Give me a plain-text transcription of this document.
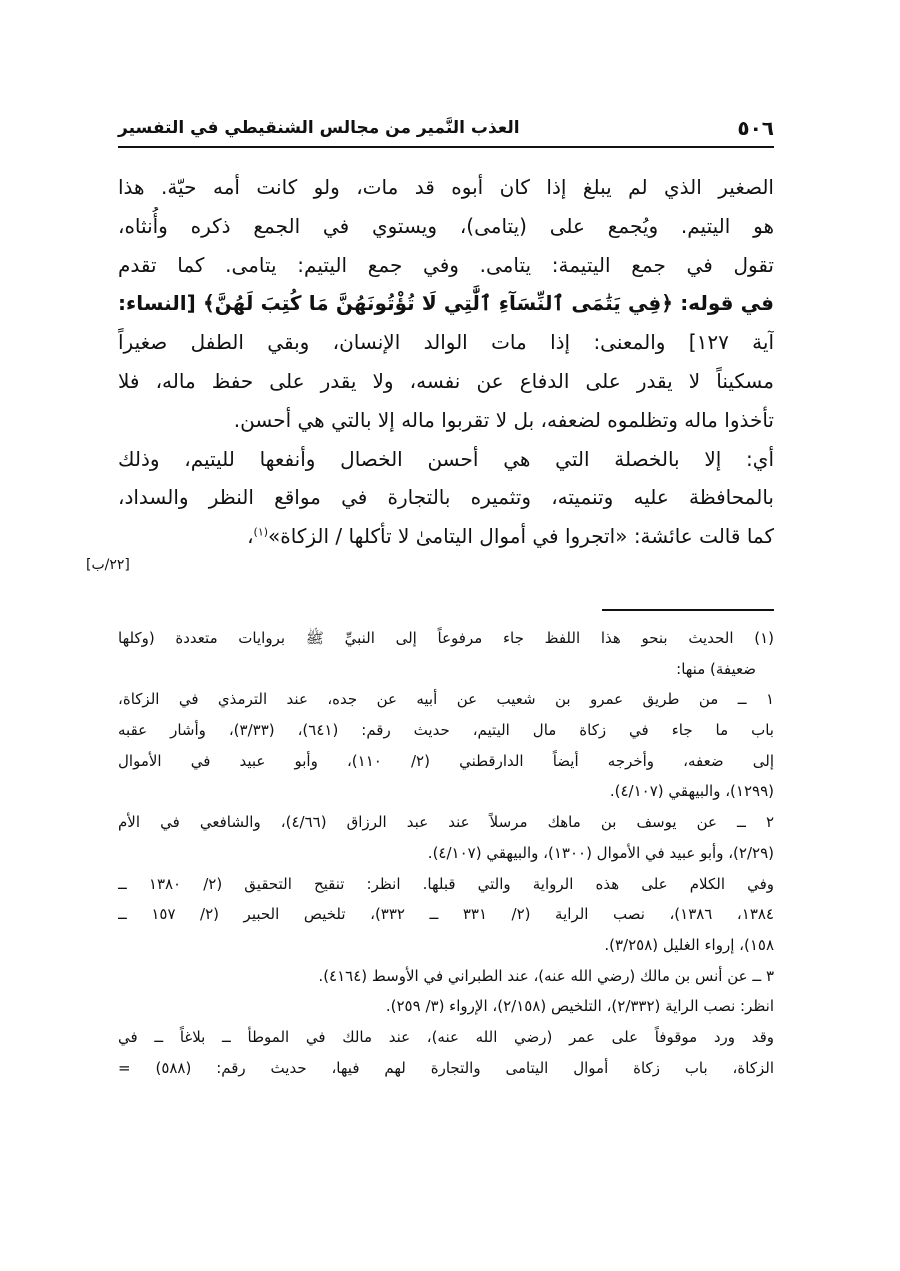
٥٠٦
العذب النَّمير من مجالس الشنقيطي في التفسير
الصغير الذي لم يبلغ إذا كان أبوه قد مات، ولو كانت أمه حيّة. هذا
هو اليتيم. ويُجمع على (يتامى)، ويستوي في الجمع ذكره وأُنثاه،
تقول في جمع اليتيمة: يتامى. وفي جمع اليتيم: يتامى. كما تقدم
في قوله: ﴿فِي يَتَٰمَى ٱلنِّسَآءِ ٱلَّٰتِي لَا تُؤْتُونَهُنَّ مَا كُتِبَ لَهُنَّ﴾ [النساء:
آية ١٢٧] والمعنى: إذا مات الوالد الإنسان، وبقي الطفل صغيراً
مسكيناً لا يقدر على الدفاع عن نفسه، ولا يقدر على حفظ ماله، فلا
تأخذوا ماله وتظلموه لضعفه، بل لا تقربوا ماله إلا بالتي هي أحسن.
أي: إلا بالخصلة التي هي أحسن الخصال وأنفعها لليتيم، وذلك
بالمحافظة عليه وتنميته، وتثميره بالتجارة في مواقع النظر والسداد،
كما قالت عائشة: «اتجروا في أموال اليتامىٰ لا تأكلها / الزكاة»$^{(١)}$،
[٢٢/ب]
(١) الحديث بنحو هذا اللفظ جاء مرفوعاً إلى النبيِّ ﷺ بروايات متعددة (وكلها
ضعيفة) منها:
١ ــ من طريق عمرو بن شعيب عن أبيه عن جده، عند الترمذي في الزكاة،
باب ما جاء في زكاة مال اليتيم، حديث رقم: (٦٤١)، (٣/٣٣)، وأشار عقبه
إلى ضعفه، وأخرجه أيضاً الدارقطني (٢/ ١١٠)، وأبو عبيد في الأموال
(١٢٩٩)، والبيهقي (٤/١٠٧).
٢ ــ عن يوسف بن ماهك مرسلاً عند عبد الرزاق (٤/٦٦)، والشافعي في الأم
(٢/٢٩)، وأبو عبيد في الأموال (١٣٠٠)، والبيهقي (٤/١٠٧).
وفي الكلام على هذه الرواية والتي قبلها. انظر: تنقيح التحقيق (٢/ ١٣٨٠ ــ
١٣٨٤، ١٣٨٦)، نصب الراية (٢/ ٣٣١ ــ ٣٣٢)، تلخيص الحبير (٢/ ١٥٧ ــ
١٥٨)، إرواء الغليل (٣/٢٥٨).
٣ ــ عن أنس بن مالك (رضي الله عنه)، عند الطبراني في الأوسط (٤١٦٤).
انظر: نصب الراية (٢/٣٣٢)، التلخيص (٢/١٥٨)، الإرواء (٣/ ٢٥٩).
وقد ورد موقوفاً على عمر (رضي الله عنه)، عند مالك في الموطأ ــ بلاغاً ــ في
الزكاة، باب زكاة أموال اليتامى والتجارة لهم فيها، حديث رقم: (٥٨٨) =
